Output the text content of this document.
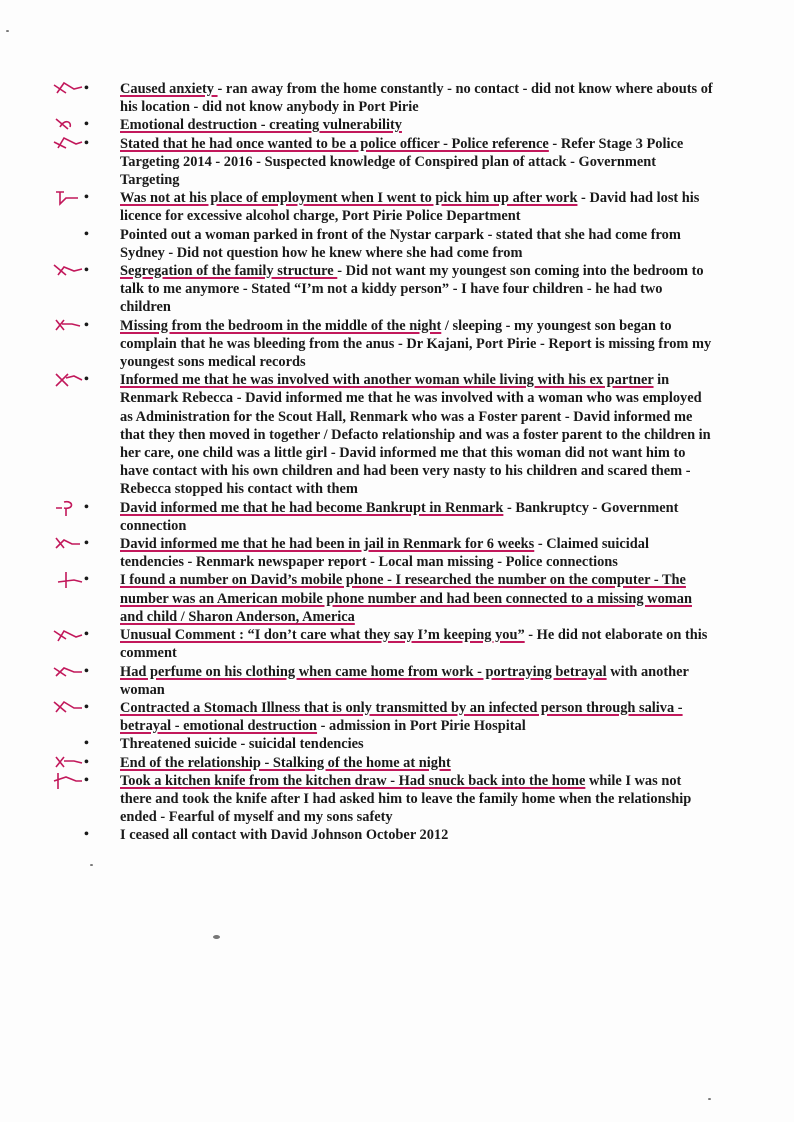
• Caused anxiety - ran away from the home constantly - no contact - did not know where abouts of his location - did not know anybody in Port Pirie
• Emotional destruction - creating vulnerability
• Stated that he had once wanted to be a police officer - Police reference - Refer Stage 3 Police Targeting 2014 - 2016 - Suspected knowledge of Conspired plan of attack - Government Targeting
• Was not at his place of employment when I went to pick him up after work - David had lost his licence for excessive alcohol charge, Port Pirie Police Department
• Pointed out a woman parked in front of the Nystar carpark - stated that she had come from Sydney - Did not question how he knew where she had come from
• Segregation of the family structure - Did not want my youngest son coming into the bedroom to talk to me anymore - Stated “I’m not a kiddy person” - I have four children - he had two children
• Missing from the bedroom in the middle of the night / sleeping - my youngest son began to complain that he was bleeding from the anus - Dr Kajani, Port Pirie - Report is missing from my youngest sons medical records
• Informed me that he was involved with another woman while living with his ex partner in Renmark Rebecca - David informed me that he was involved with a woman who was employed as Administration for the Scout Hall, Renmark who was a Foster parent - David informed me that they then moved in together / Defacto relationship and was a foster parent to the children in her care, one child was a little girl - David informed me that this woman did not want him to have contact with his own children and had been very nasty to his children and scared them - Rebecca stopped his contact with them
• David informed me that he had become Bankrupt in Renmark - Bankruptcy - Government connection
• David informed me that he had been in jail in Renmark for 6 weeks - Claimed suicidal tendencies - Renmark newspaper report - Local man missing - Police connections
• I found a number on David’s mobile phone - I researched the number on the computer - The number was an American mobile phone number and had been connected to a missing woman and child / Sharon Anderson, America
• Unusual Comment : “I don’t care what they say I’m keeping you” - He did not elaborate on this comment
• Had perfume on his clothing when came home from work - portraying betrayal with another woman
• Contracted a Stomach Illness that is only transmitted by an infected person through saliva - betrayal - emotional destruction - admission in Port Pirie Hospital
• Threatened suicide - suicidal tendencies
• End of the relationship - Stalking of the home at night
• Took a kitchen knife from the kitchen draw - Had snuck back into the home while I was not there and took the knife after I had asked him to leave the family home when the relationship ended - Fearful of myself and my sons safety
• I ceased all contact with David Johnson October 2012
